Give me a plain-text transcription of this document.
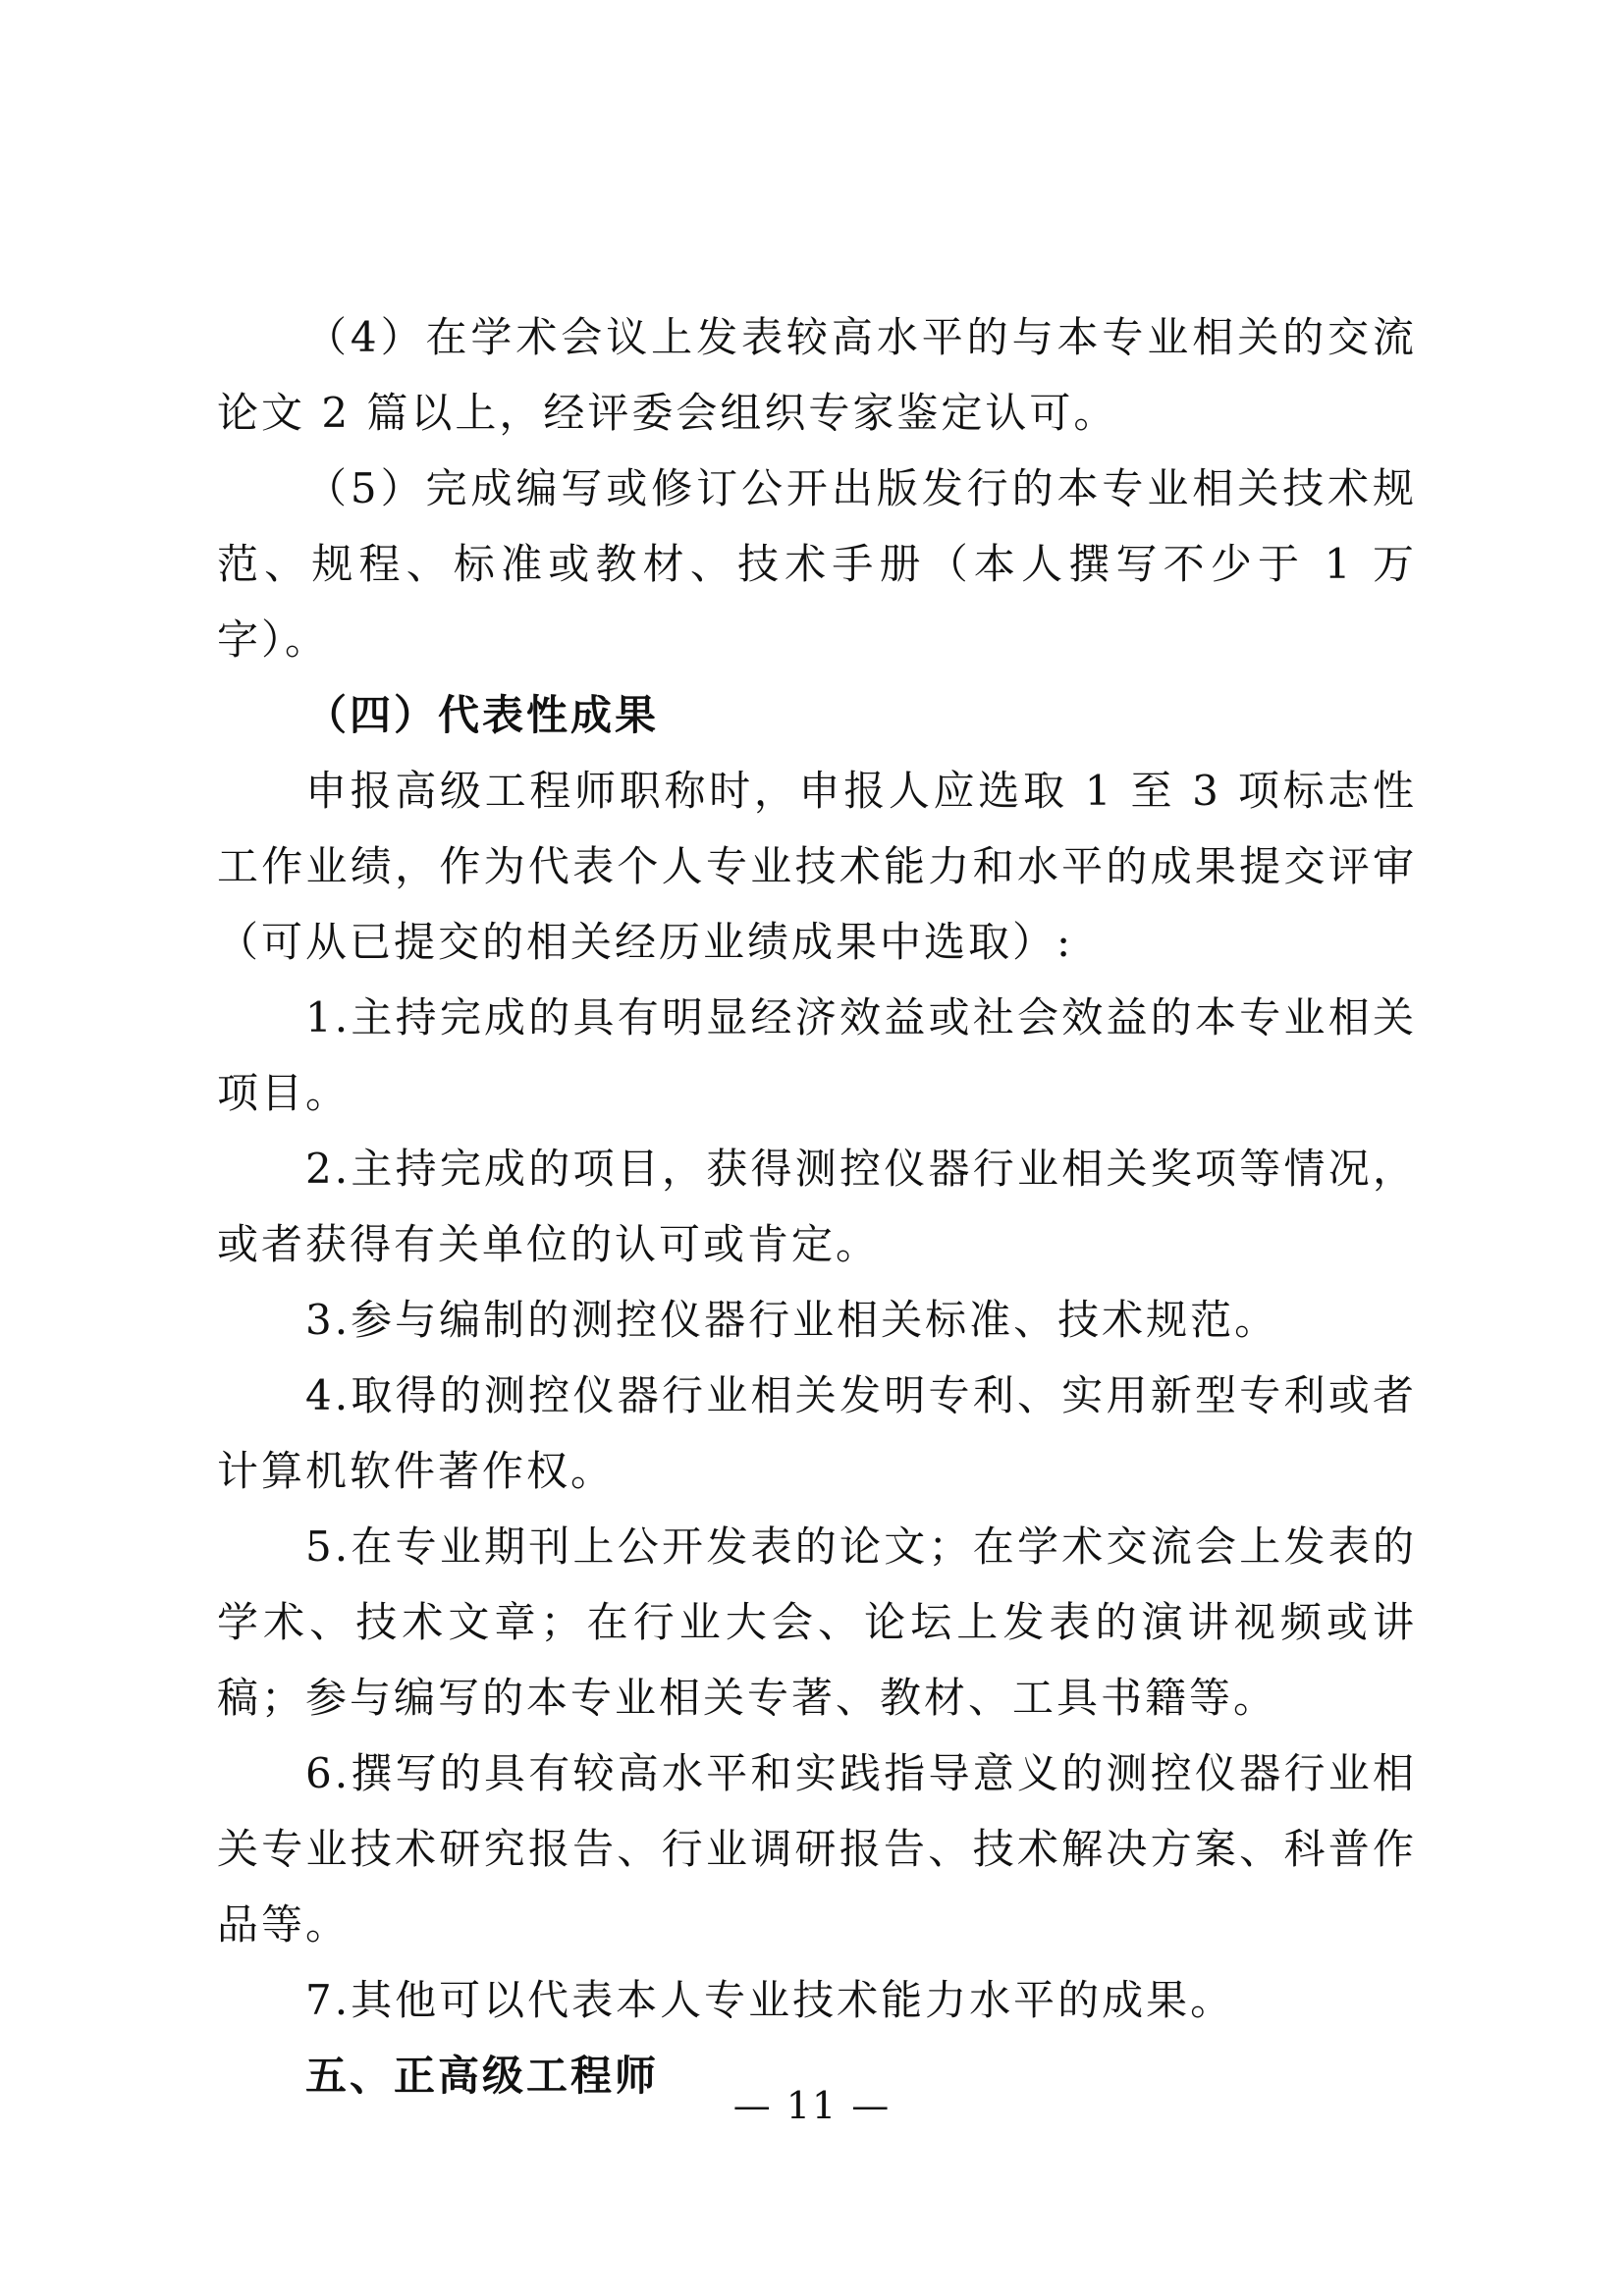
（4）在学术会议上发表较高水平的与本专业相关的交流论文 2 篇以上，经评委会组织专家鉴定认可。

（5）完成编写或修订公开出版发行的本专业相关技术规范、规程、标准或教材、技术手册（本人撰写不少于 1 万字）。

（四）代表性成果

申报高级工程师职称时，申报人应选取 1 至 3 项标志性工作业绩，作为代表个人专业技术能力和水平的成果提交评审（可从已提交的相关经历业绩成果中选取）:

1.主持完成的具有明显经济效益或社会效益的本专业相关项目。

2.主持完成的项目，获得测控仪器行业相关奖项等情况，或者获得有关单位的认可或肯定。

3.参与编制的测控仪器行业相关标准、技术规范。

4.取得的测控仪器行业相关发明专利、实用新型专利或者计算机软件著作权。

5.在专业期刊上公开发表的论文；在学术交流会上发表的学术、技术文章；在行业大会、论坛上发表的演讲视频或讲稿；参与编写的本专业相关专著、教材、工具书籍等。

6.撰写的具有较高水平和实践指导意义的测控仪器行业相关专业技术研究报告、行业调研报告、技术解决方案、科普作品等。

7.其他可以代表本人专业技术能力水平的成果。

五、正高级工程师

— 11 —
